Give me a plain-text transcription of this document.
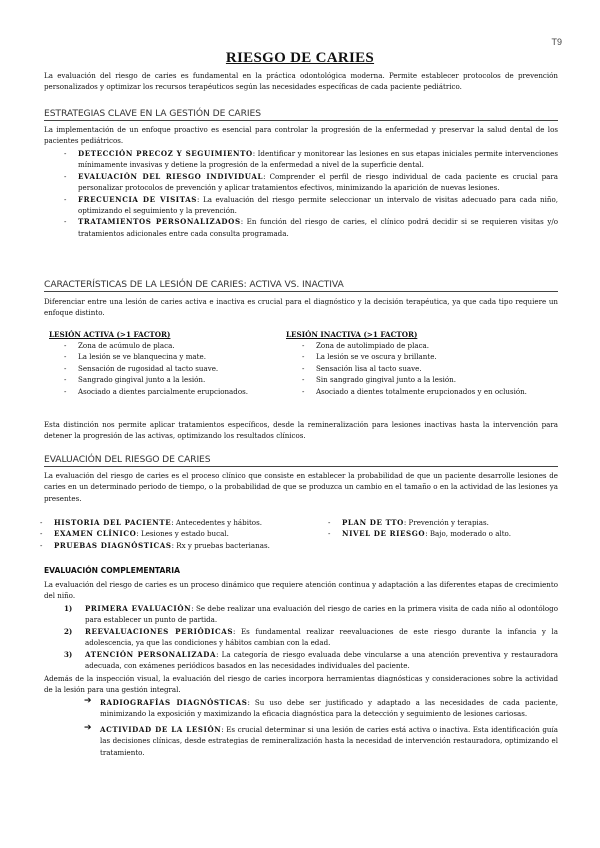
T9
RIESGO DE CARIES
La evaluación del riesgo de caries es fundamental en la práctica odontológica moderna. Permite establecer protocolos de prevención personalizados y optimizar los recursos terapéuticos según las necesidades específicas de cada paciente pediátrico.
ESTRATEGIAS CLAVE EN LA GESTIÓN DE CARIES
La implementación de un enfoque proactivo es esencial para controlar la progresión de la enfermedad y preservar la salud dental de los pacientes pediátricos.
- DETECCIÓN PRECOZ Y SEGUIMIENTO: Identificar y monitorear las lesiones en sus etapas iniciales permite intervenciones mínimamente invasivas y detiene la progresión de la enfermedad a nivel de la superficie dental.
- EVALUACIÓN DEL RIESGO INDIVIDUAL: Comprender el perfil de riesgo individual de cada paciente es crucial para personalizar protocolos de prevención y aplicar tratamientos efectivos, minimizando la aparición de nuevas lesiones.
- FRECUENCIA DE VISITAS: La evaluación del riesgo permite seleccionar un intervalo de visitas adecuado para cada niño, optimizando el seguimiento y la prevención.
- TRATAMIENTOS PERSONALIZADOS: En función del riesgo de caries, el clínico podrá decidir si se requieren visitas y/o tratamientos adicionales entre cada consulta programada.
CARACTERÍSTICAS DE LA LESIÓN DE CARIES: ACTIVA VS. INACTIVA
Diferenciar entre una lesión de caries activa e inactiva es crucial para el diagnóstico y la decisión terapéutica, ya que cada tipo requiere un enfoque distinto.
LESIÓN ACTIVA (>1 FACTOR)
- Zona de acúmulo de placa.
- La lesión se ve blanquecina y mate.
- Sensación de rugosidad al tacto suave.
- Sangrado gingival junto a la lesión.
- Asociado a dientes parcialmente erupcionados.
LESIÓN INACTIVA (>1 FACTOR)
- Zona de autolimpiado de placa.
- La lesión se ve oscura y brillante.
- Sensación lisa al tacto suave.
- Sin sangrado gingival junto a la lesión.
- Asociado a dientes totalmente erupcionados y en oclusión.
Esta distinción nos permite aplicar tratamientos específicos, desde la remineralización para lesiones inactivas hasta la intervención para detener la progresión de las activas, optimizando los resultados clínicos.
EVALUACIÓN DEL RIESGO DE CARIES
La evaluación del riesgo de caries es el proceso clínico que consiste en establecer la probabilidad de que un paciente desarrolle lesiones de caries en un determinado periodo de tiempo, o la probabilidad de que se produzca un cambio en el tamaño o en la actividad de las lesiones ya presentes.
- HISTORIA DEL PACIENTE: Antecedentes y hábitos.
- EXAMEN CLÍNICO: Lesiones y estado bucal.
- PRUEBAS DIAGNÓSTICAS: Rx y pruebas bacterianas.
- PLAN DE TTO: Prevención y terapias.
- NIVEL DE RIESGO: Bajo, moderado o alto.
EVALUACIÓN COMPLEMENTARIA
La evaluación del riesgo de caries es un proceso dinámico que requiere atención continua y adaptación a las diferentes etapas de crecimiento del niño.
1) PRIMERA EVALUACIÓN: Se debe realizar una evaluación del riesgo de caries en la primera visita de cada niño al odontólogo para establecer un punto de partida.
2) REEVALUACIONES PERIÓDICAS: Es fundamental realizar reevaluaciones de este riesgo durante la infancia y la adolescencia, ya que las condiciones y hábitos cambian con la edad.
3) ATENCIÓN PERSONALIZADA: La categoría de riesgo evaluada debe vincularse a una atención preventiva y restauradora adecuada, con exámenes periódicos basados en las necesidades individuales del paciente.
Además de la inspección visual, la evaluación del riesgo de caries incorpora herramientas diagnósticas y consideraciones sobre la actividad de la lesión para una gestión integral.
➔ RADIOGRAFÍAS DIAGNÓSTICAS: Su uso debe ser justificado y adaptado a las necesidades de cada paciente, minimizando la exposición y maximizando la eficacia diagnóstica para la detección y seguimiento de lesiones cariosas.
➔ ACTIVIDAD DE LA LESIÓN: Es crucial determinar si una lesión de caries está activa o inactiva. Esta identificación guía las decisiones clínicas, desde estrategias de remineralización hasta la necesidad de intervención restauradora, optimizando el tratamiento.
